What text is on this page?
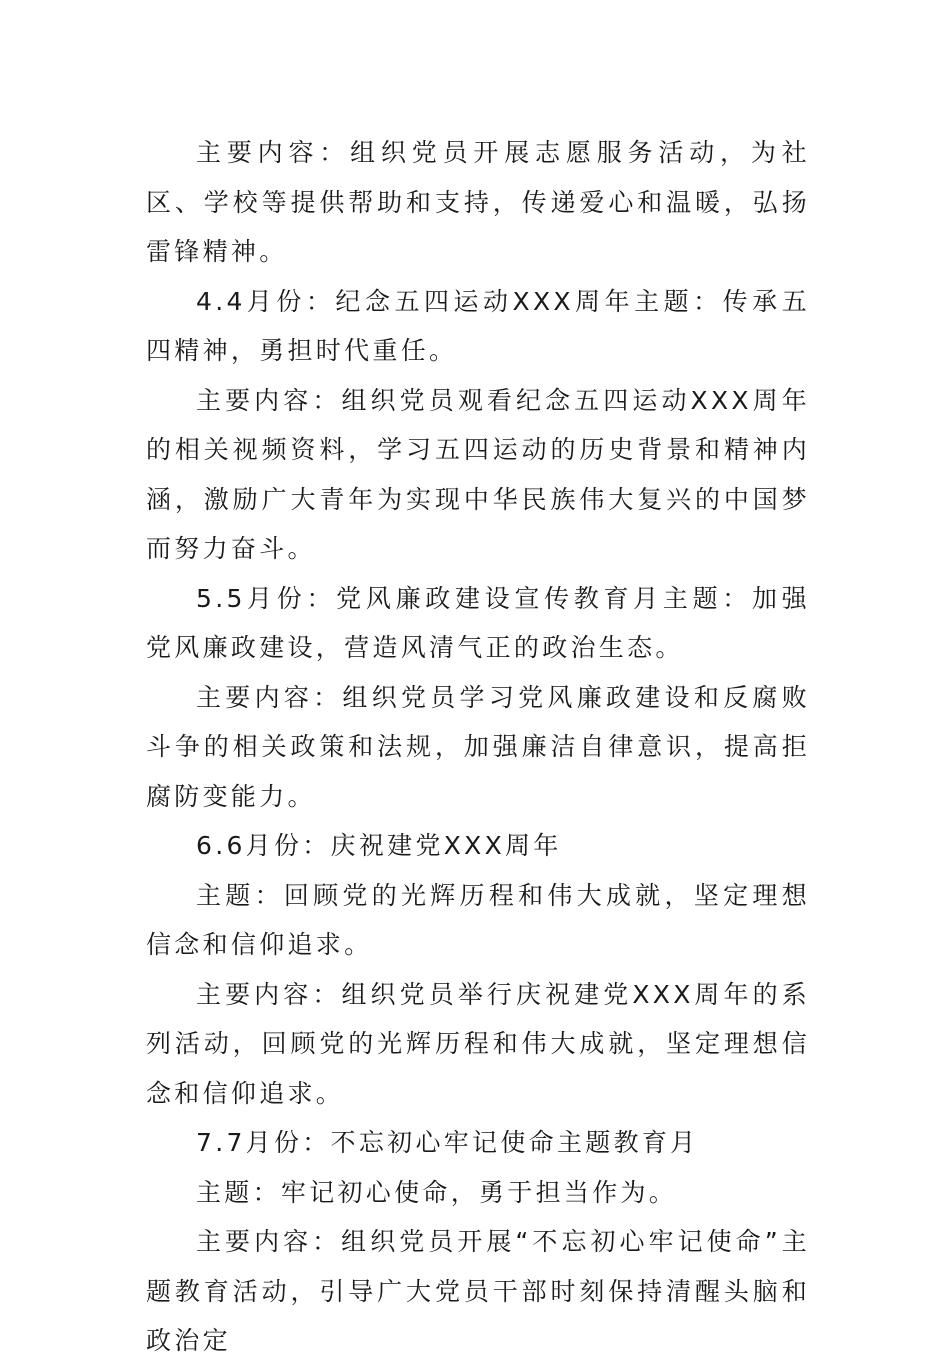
主要内容：组织党员开展志愿服务活动，为社区、学校等提供帮助和支持，传递爱心和温暖，弘扬雷锋精神。

4.4月份：纪念五四运动XXX周年主题：传承五四精神，勇担时代重任。

主要内容：组织党员观看纪念五四运动XXX周年的相关视频资料，学习五四运动的历史背景和精神内涵，激励广大青年为实现中华民族伟大复兴的中国梦而努力奋斗。

5.5月份：党风廉政建设宣传教育月主题：加强党风廉政建设，营造风清气正的政治生态。

主要内容：组织党员学习党风廉政建设和反腐败斗争的相关政策和法规，加强廉洁自律意识，提高拒腐防变能力。

6.6月份：庆祝建党XXX周年

主题：回顾党的光辉历程和伟大成就，坚定理想信念和信仰追求。

主要内容：组织党员举行庆祝建党XXX周年的系列活动，回顾党的光辉历程和伟大成就，坚定理想信念和信仰追求。

7.7月份：不忘初心牢记使命主题教育月

主题：牢记初心使命，勇于担当作为。

主要内容：组织党员开展“不忘初心牢记使命”主题教育活动，引导广大党员干部时刻保持清醒头脑和政治定
